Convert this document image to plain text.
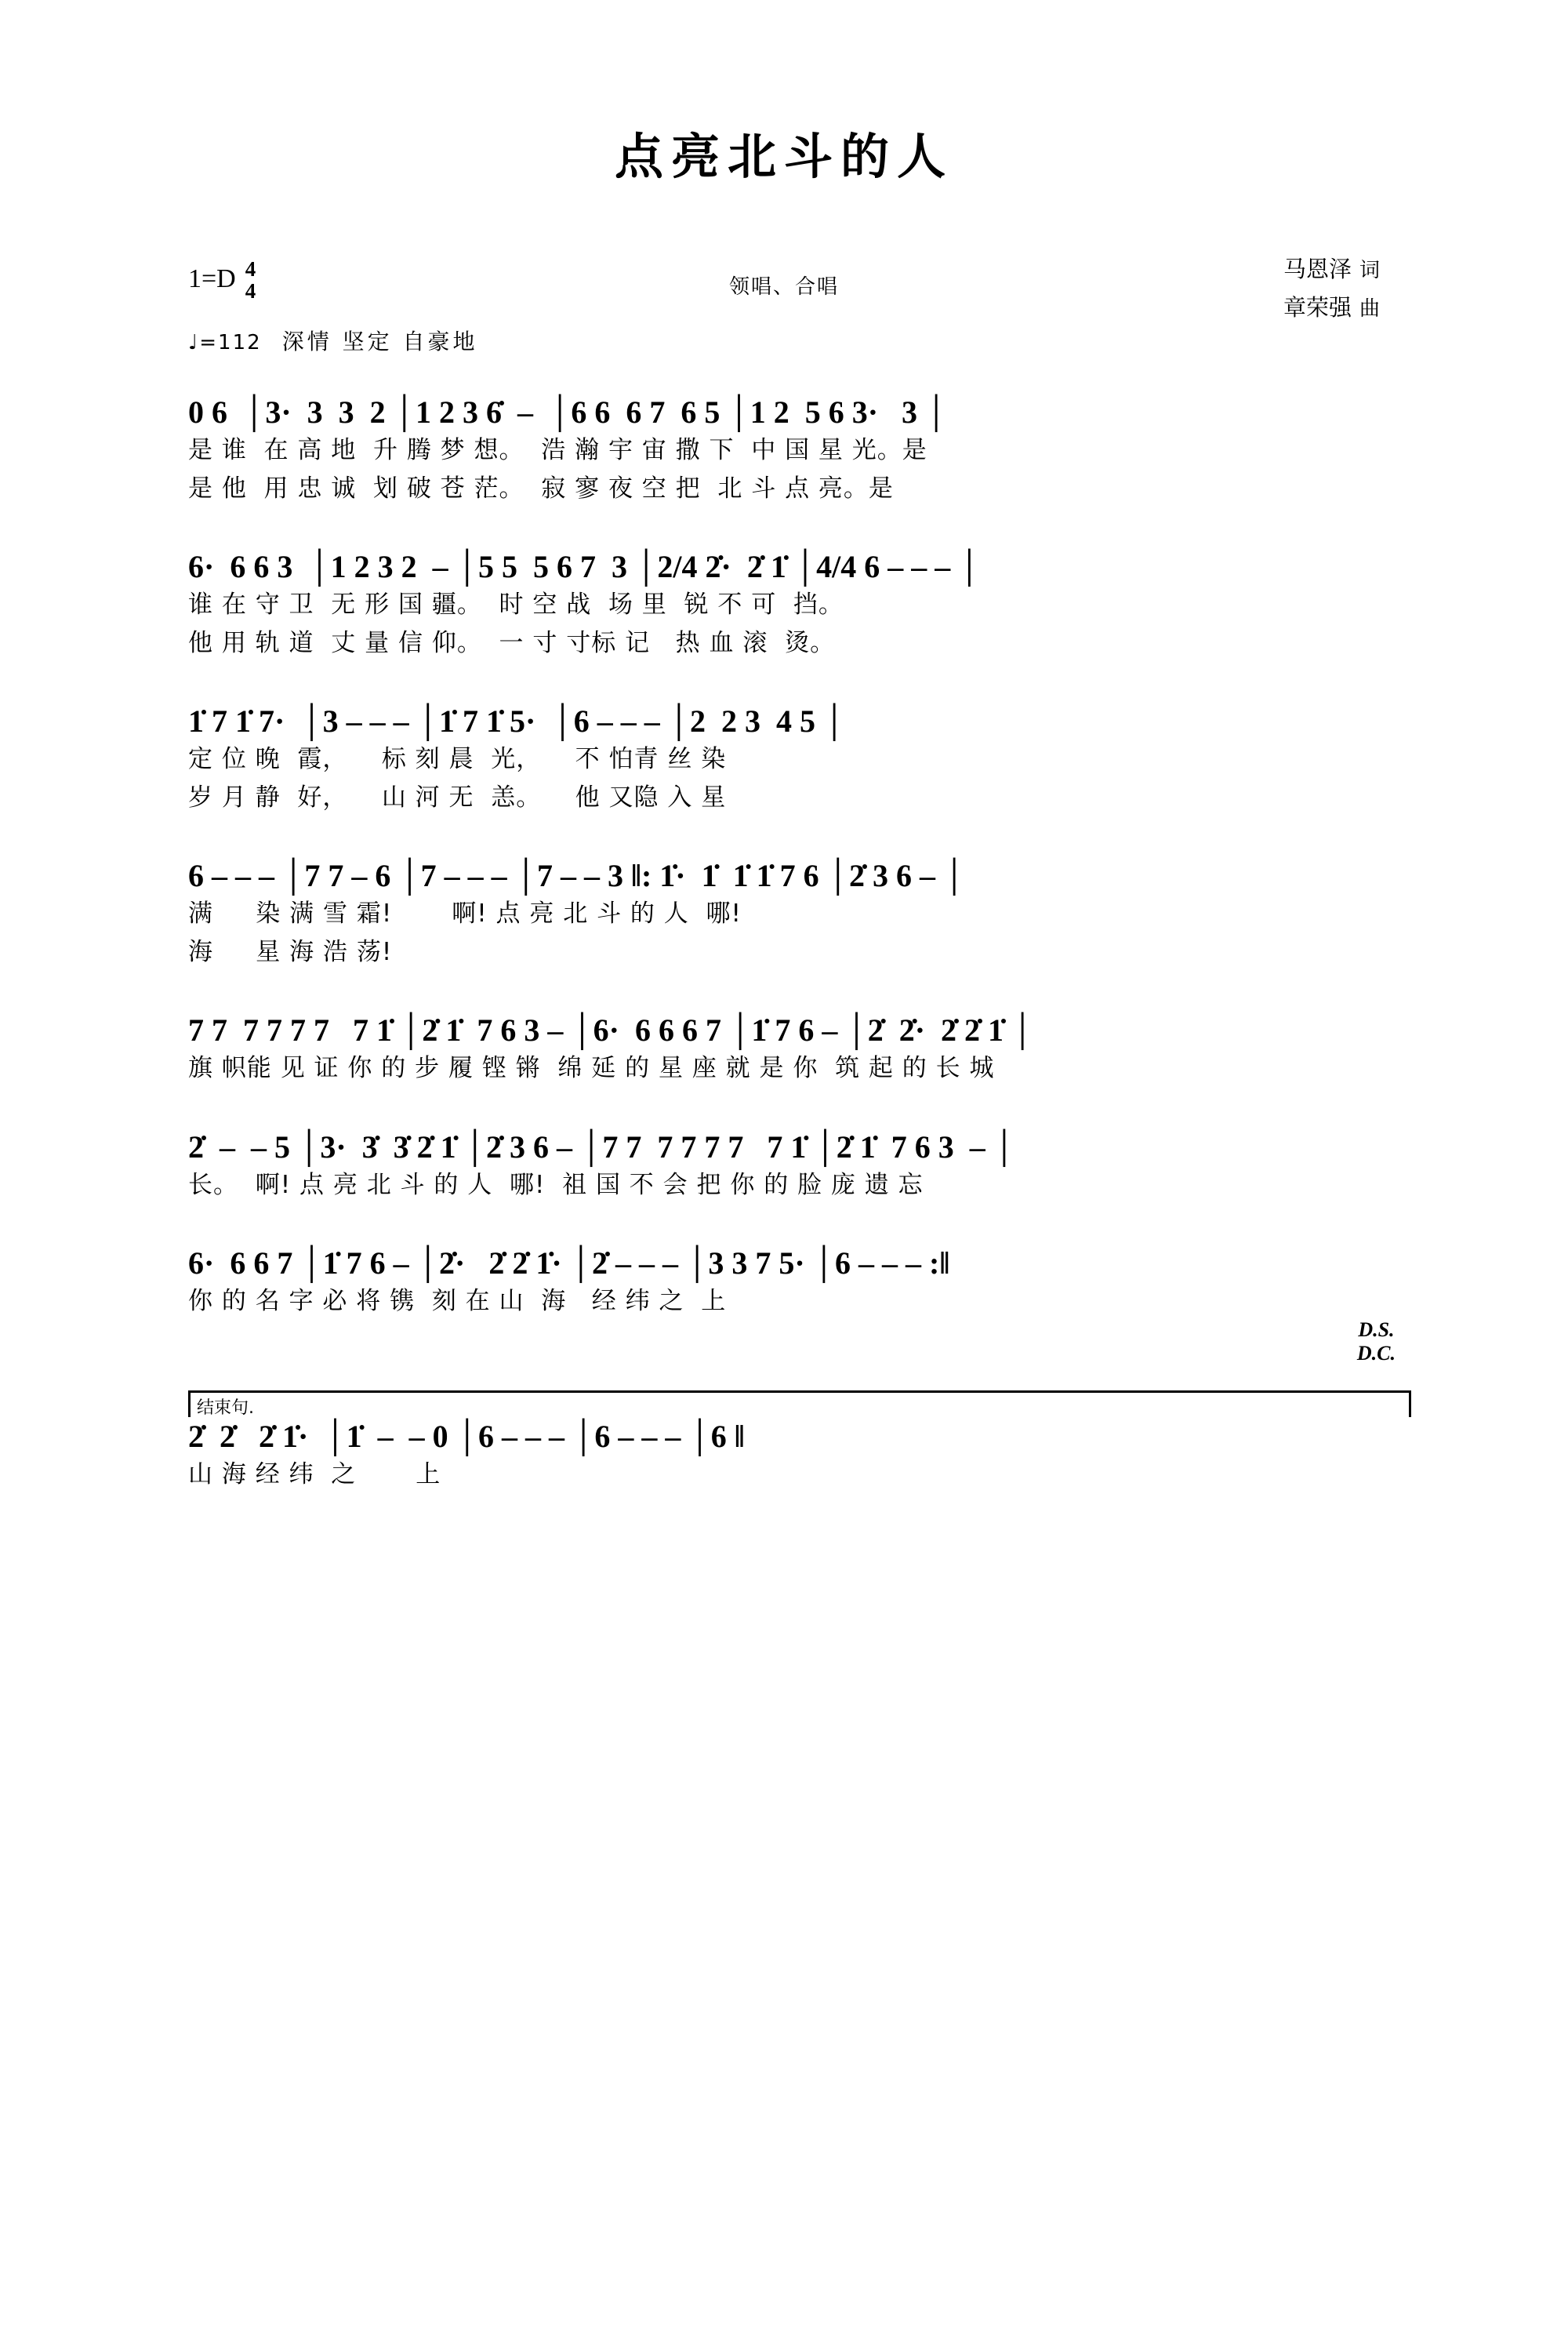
点亮北斗的人
1=D 4
4	领唱、合唱
马恩泽 词
章荣强 曲
♩=112 深情 坚定 自豪地
0 6  │3·  3  3  2 │1 2 3 6̇  –  │6 6  6 7  6 5 │1 2  5 6 3·   3 │
是 谁  在 高 地  升 腾 梦 想。  浩 瀚 宇 宙 撒 下  中 国 星 光。是
是 他  用 忠 诚  划 破 苍 茫。  寂 寥 夜 空 把  北 斗 点 亮。是
6·  6 6 3  │1 2 3 2  – │5 5  5 6 7  3 │2/4 2̇·  2̇ 1̇ │4/4 6 – – – │
谁 在 守 卫  无 形 国 疆。  时 空 战  场 里  锐 不 可  挡。
他 用 轨 道  丈 量 信 仰。  一 寸 寸标 记   热 血 滚  烫。
1̇ 7 1̇ 7·  │3 – – – │1̇ 7 1̇ 5·  │6 – – – │2  2 3  4 5 │
定 位 晚  霞，    标 刻 晨  光，    不 怕青 丝 染
岁 月 静  好，    山 河 无  恙。    他 又隐 入 星
6 – – – │7 7 – 6 │7 – – – │7 – – 3 ‖: 1̇·  1̇  1̇ 1̇ 7 6 │2̇ 3 6 – │
满     染 满 雪 霜!       啊! 点 亮 北 斗 的 人  哪!
海     星 海 浩 荡!
7 7  7 7 7 7   7 1̇ │2̇ 1̇  7 6 3 – │6·  6 6 6 7 │1̇ 7 6 – │2̇  2̇·  2̇ 2̇ 1̇ │
旗 帜能 见 证 你 的 步 履 铿 锵  绵 延 的 星 座 就 是 你  筑 起 的 长 城
2̇  –  – 5 │3·  3̇  3̇ 2̇ 1̇ │2̇ 3 6 – │7 7  7 7 7 7   7 1̇ │2̇ 1̇  7 6 3  – │
长。  啊! 点 亮 北 斗 的 人  哪!  祖 国 不 会 把 你 的 脸 庞 遗 忘
6·  6 6 7 │1̇ 7 6 – │2̇·   2̇ 2̇ 1̇· │2̇ – – – │3 3 7 5· │6 – – – :‖
你 的 名 字 必 将 镌  刻 在 山  海   经 纬 之  上
D.S.
D.C.
结束句.
2̇  2̇   2̇ 1̇·  │1̇  –  – 0 │6 – – – │6 – – – │6 ‖
山 海 经 纬  之       上
